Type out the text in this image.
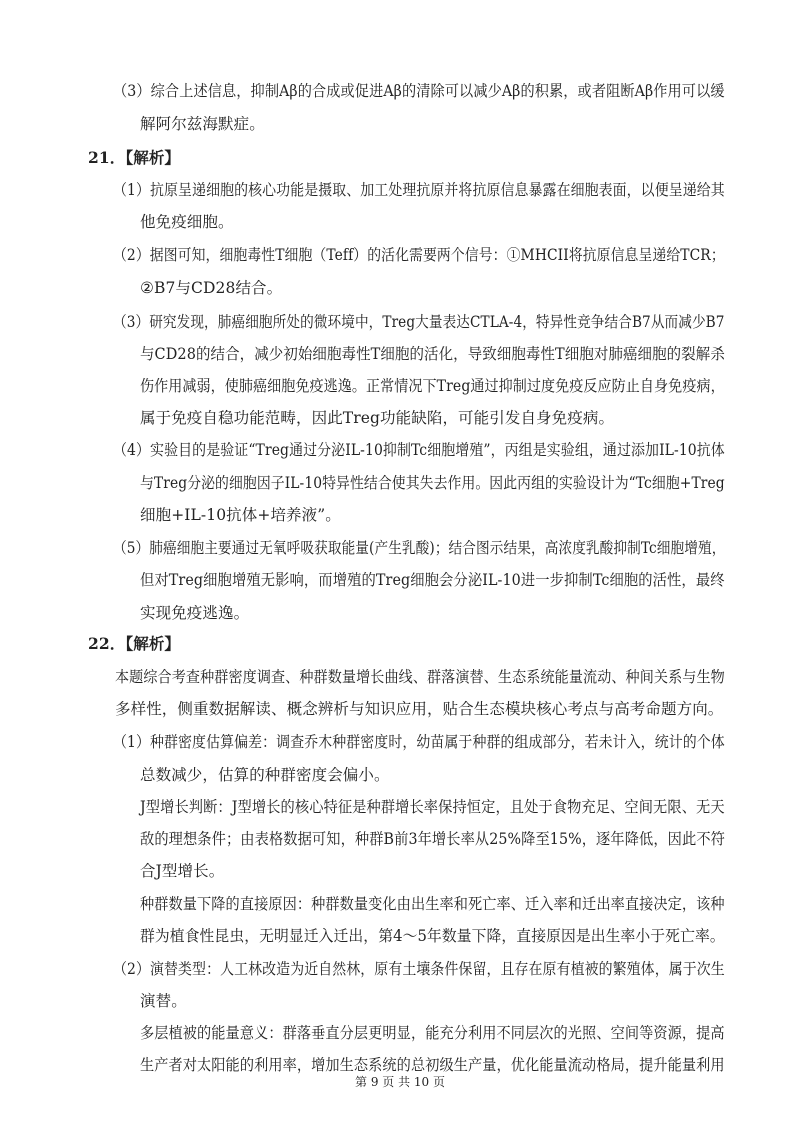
（3）综合上述信息，抑制Aβ的合成或促进Aβ的清除可以减少Aβ的积累，或者阻断Aβ作用可以缓
解阿尔兹海默症。
21．【解析】
（1）抗原呈递细胞的核心功能是摄取、加工处理抗原并将抗原信息暴露在细胞表面，以便呈递给其
他免疫细胞。
（2）据图可知，细胞毒性T细胞（Teff）的活化需要两个信号：①MHCII将抗原信息呈递给TCR；
②B7与CD28结合。
（3）研究发现，肺癌细胞所处的微环境中，Treg大量表达CTLA-4，特异性竞争结合B7从而减少B7
与CD28的结合，减少初始细胞毒性T细胞的活化，导致细胞毒性T细胞对肺癌细胞的裂解杀
伤作用减弱，使肺癌细胞免疫逃逸。正常情况下Treg通过抑制过度免疫反应防止自身免疫病，
属于免疫自稳功能范畴，因此Treg功能缺陷，可能引发自身免疫病。
（4）实验目的是验证“Treg通过分泌IL-10抑制Tc细胞增殖”，丙组是实验组，通过添加IL-10抗体
与Treg分泌的细胞因子IL-10特异性结合使其失去作用。因此丙组的实验设计为“Tc细胞+Treg
细胞+IL-10抗体+培养液”。
（5）肺癌细胞主要通过无氧呼吸获取能量(产生乳酸)；结合图示结果，高浓度乳酸抑制Tc细胞增殖，
但对Treg细胞增殖无影响，而增殖的Treg细胞会分泌IL-10进一步抑制Tc细胞的活性，最终
实现免疫逃逸。
22．【解析】
本题综合考查种群密度调查、种群数量增长曲线、群落演替、生态系统能量流动、种间关系与生物
多样性，侧重数据解读、概念辨析与知识应用，贴合生态模块核心考点与高考命题方向。
（1）种群密度估算偏差：调查乔木种群密度时，幼苗属于种群的组成部分，若未计入，统计的个体
总数减少，估算的种群密度会偏小。
J型增长判断：J型增长的核心特征是种群增长率保持恒定，且处于食物充足、空间无限、无天
敌的理想条件；由表格数据可知，种群B前3年增长率从25%降至15%，逐年降低，因此不符
合J型增长。
种群数量下降的直接原因：种群数量变化由出生率和死亡率、迁入率和迁出率直接决定，该种
群为植食性昆虫，无明显迁入迁出，第4～5年数量下降，直接原因是出生率小于死亡率。
（2）演替类型：人工林改造为近自然林，原有土壤条件保留，且存在原有植被的繁殖体，属于次生
演替。
多层植被的能量意义：群落垂直分层更明显，能充分利用不同层次的光照、空间等资源，提高
生产者对太阳能的利用率，增加生态系统的总初级生产量，优化能量流动格局，提升能量利用
第 9 页 共 10 页
